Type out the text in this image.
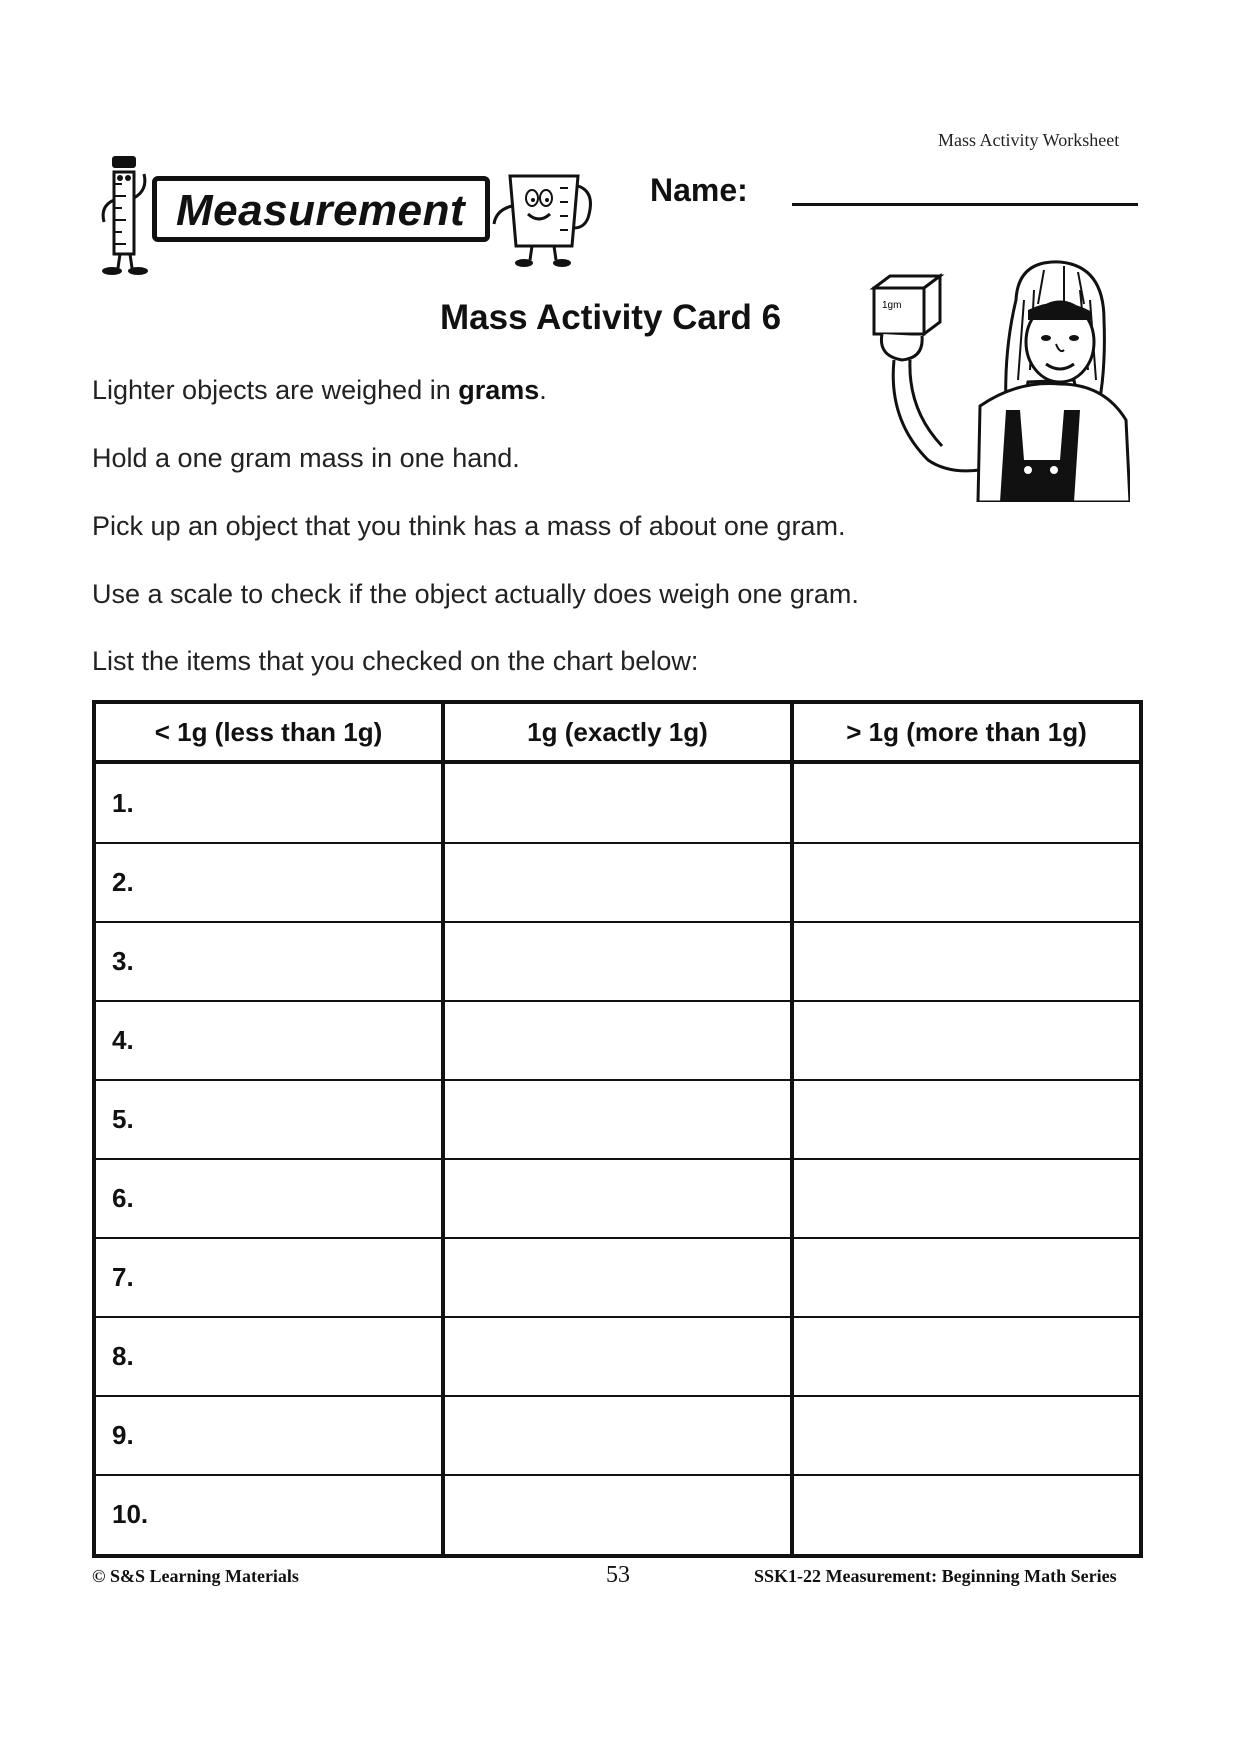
Mass Activity Worksheet
Measurement	Name:
Mass Activity Card 6
Lighter objects are weighed in grams.
Hold a one gram mass in one hand.
Pick up an object that you think has a mass of about one gram.
Use a scale to check if the object actually does weigh one gram.
List the items that you checked on the chart below:
1gm
< 1g (less than 1g)	1g (exactly 1g)	> 1g (more than 1g)
1.		
2.		
3.		
4.		
5.		
6.		
7.		
8.		
9.		
10.		
© S&S Learning Materials	53	SSK1-22 Measurement: Beginning Math Series
